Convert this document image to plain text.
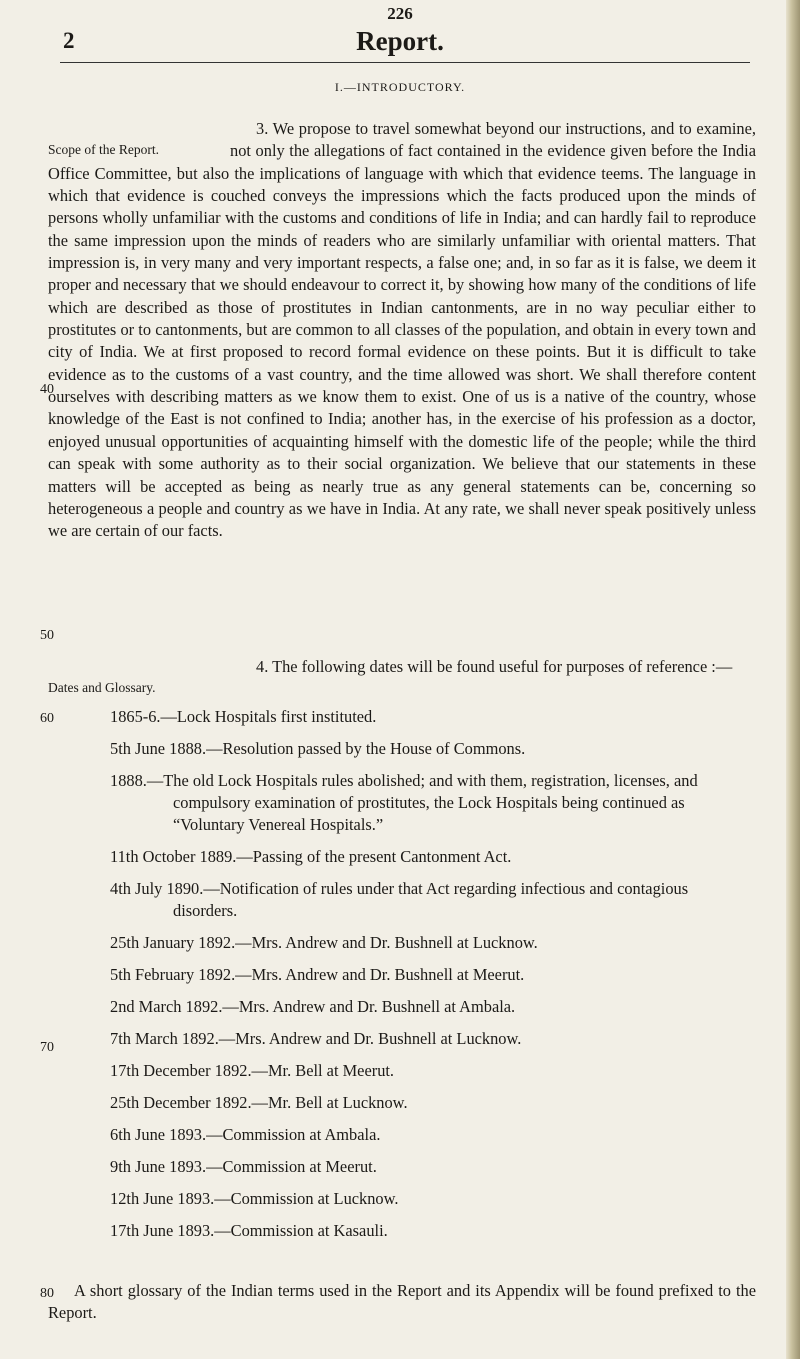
226
2	Report.
I.—INTRODUCTORY.

Scope of the Report.
3. We propose to travel somewhat beyond our instructions, and to examine, not only the allegations of fact contained in the evidence given before the India Office Committee, but also the implications of language with which that evidence teems. The language in which that evidence is couched conveys the impressions which the facts produced upon the minds of persons wholly unfamiliar with the customs and conditions of life in India; and can hardly fail to reproduce the same impression upon the minds of readers who are similarly unfamiliar with oriental matters. That impression is, in very many and very important respects, a false one; and, in so far as it is false, we deem it proper and necessary that we should endeavour to correct it, by showing how many of the conditions of life which are described as those of prostitutes in Indian cantonments, are in no way peculiar either to prostitutes or to cantonments, but are common to all classes of the population, and obtain in every town and city of India. We at first proposed to record formal evidence on these points. But it is difficult to take evidence as to the customs of a vast country, and the time allowed was short. We shall therefore content ourselves with describing matters as we know them to exist. One of us is a native of the country, whose knowledge of the East is not confined to India; another has, in the exercise of his profession as a doctor, enjoyed unusual opportunities of acquainting himself with the domestic life of the people; while the third can speak with some authority as to their social organization. We believe that our statements in these matters will be accepted as being as nearly true as any general statements can be, concerning so heterogeneous a people and country as we have in India. At any rate, we shall never speak positively unless we are certain of our facts.

Dates and Glossary.
4. The following dates will be found useful for purposes of reference :—

1865-6.—Lock Hospitals first instituted.
5th June 1888.—Resolution passed by the House of Commons.
1888.—The old Lock Hospitals rules abolished; and with them, registration, licenses, and compulsory examination of prostitutes, the Lock Hospitals being continued as “Voluntary Venereal Hospitals.”
11th October 1889.—Passing of the present Cantonment Act.
4th July 1890.—Notification of rules under that Act regarding infectious and contagious disorders.
25th January 1892.—Mrs. Andrew and Dr. Bushnell at Lucknow.
5th February 1892.—Mrs. Andrew and Dr. Bushnell at Meerut.
2nd March 1892.—Mrs. Andrew and Dr. Bushnell at Ambala.
7th March 1892.—Mrs. Andrew and Dr. Bushnell at Lucknow.
17th December 1892.—Mr. Bell at Meerut.
25th December 1892.—Mr. Bell at Lucknow.
6th June 1893.—Commission at Ambala.
9th June 1893.—Commission at Meerut.
12th June 1893.—Commission at Lucknow.
17th June 1893.—Commission at Kasauli.
A short glossary of the Indian terms used in the Report and its Appendix will be found prefixed to the Report.
40
50
60
70
80
